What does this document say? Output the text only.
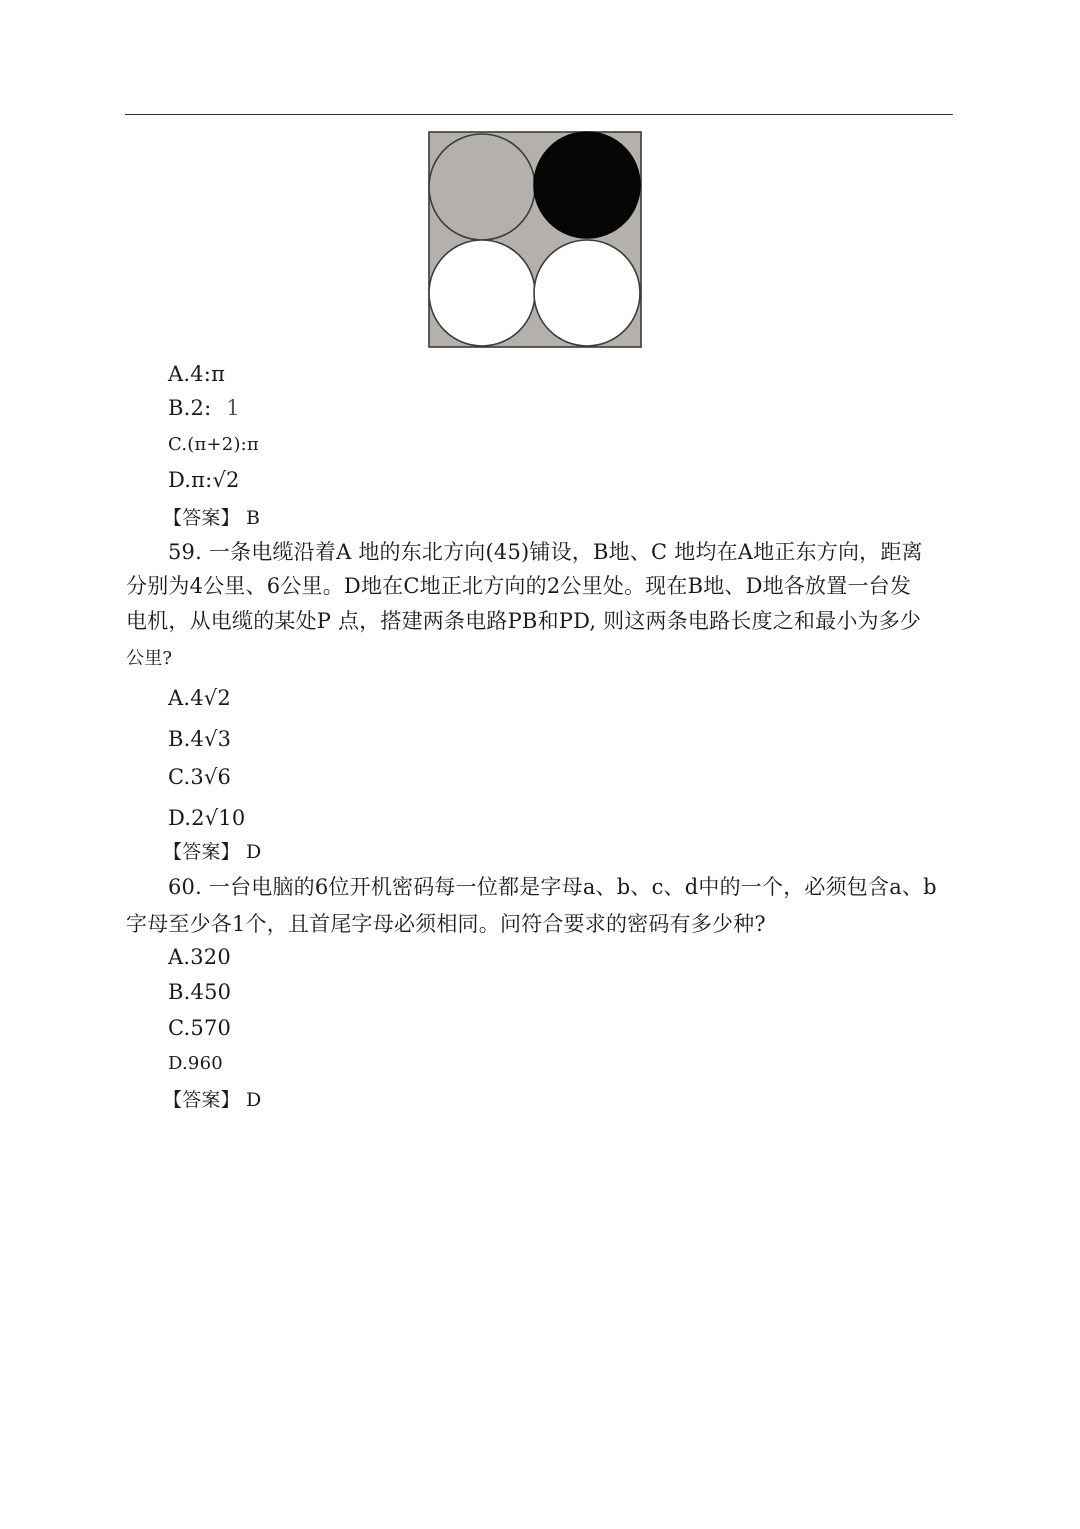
A.4:π
B.2: 1
C.(π+2):π
D.π:√2
【答案】 B
59. 一条电缆沿着A 地的东北方向(45)铺设，B地、C 地均在A地正东方向，距离
分别为4公里、6公里。D地在C地正北方向的2公里处。现在B地、D地各放置一台发
电机，从电缆的某处P 点，搭建两条电路PB和PD, 则这两条电路长度之和最小为多少
公里?
A.4√2
B.4√3
C.3√6
D.2√10
【答案】 D
60. 一台电脑的6位开机密码每一位都是字母a、b、c、d中的一个，必须包含a、b
字母至少各1个，且首尾字母必须相同。问符合要求的密码有多少种?
A.320
B.450
C.570
D.960
【答案】 D
